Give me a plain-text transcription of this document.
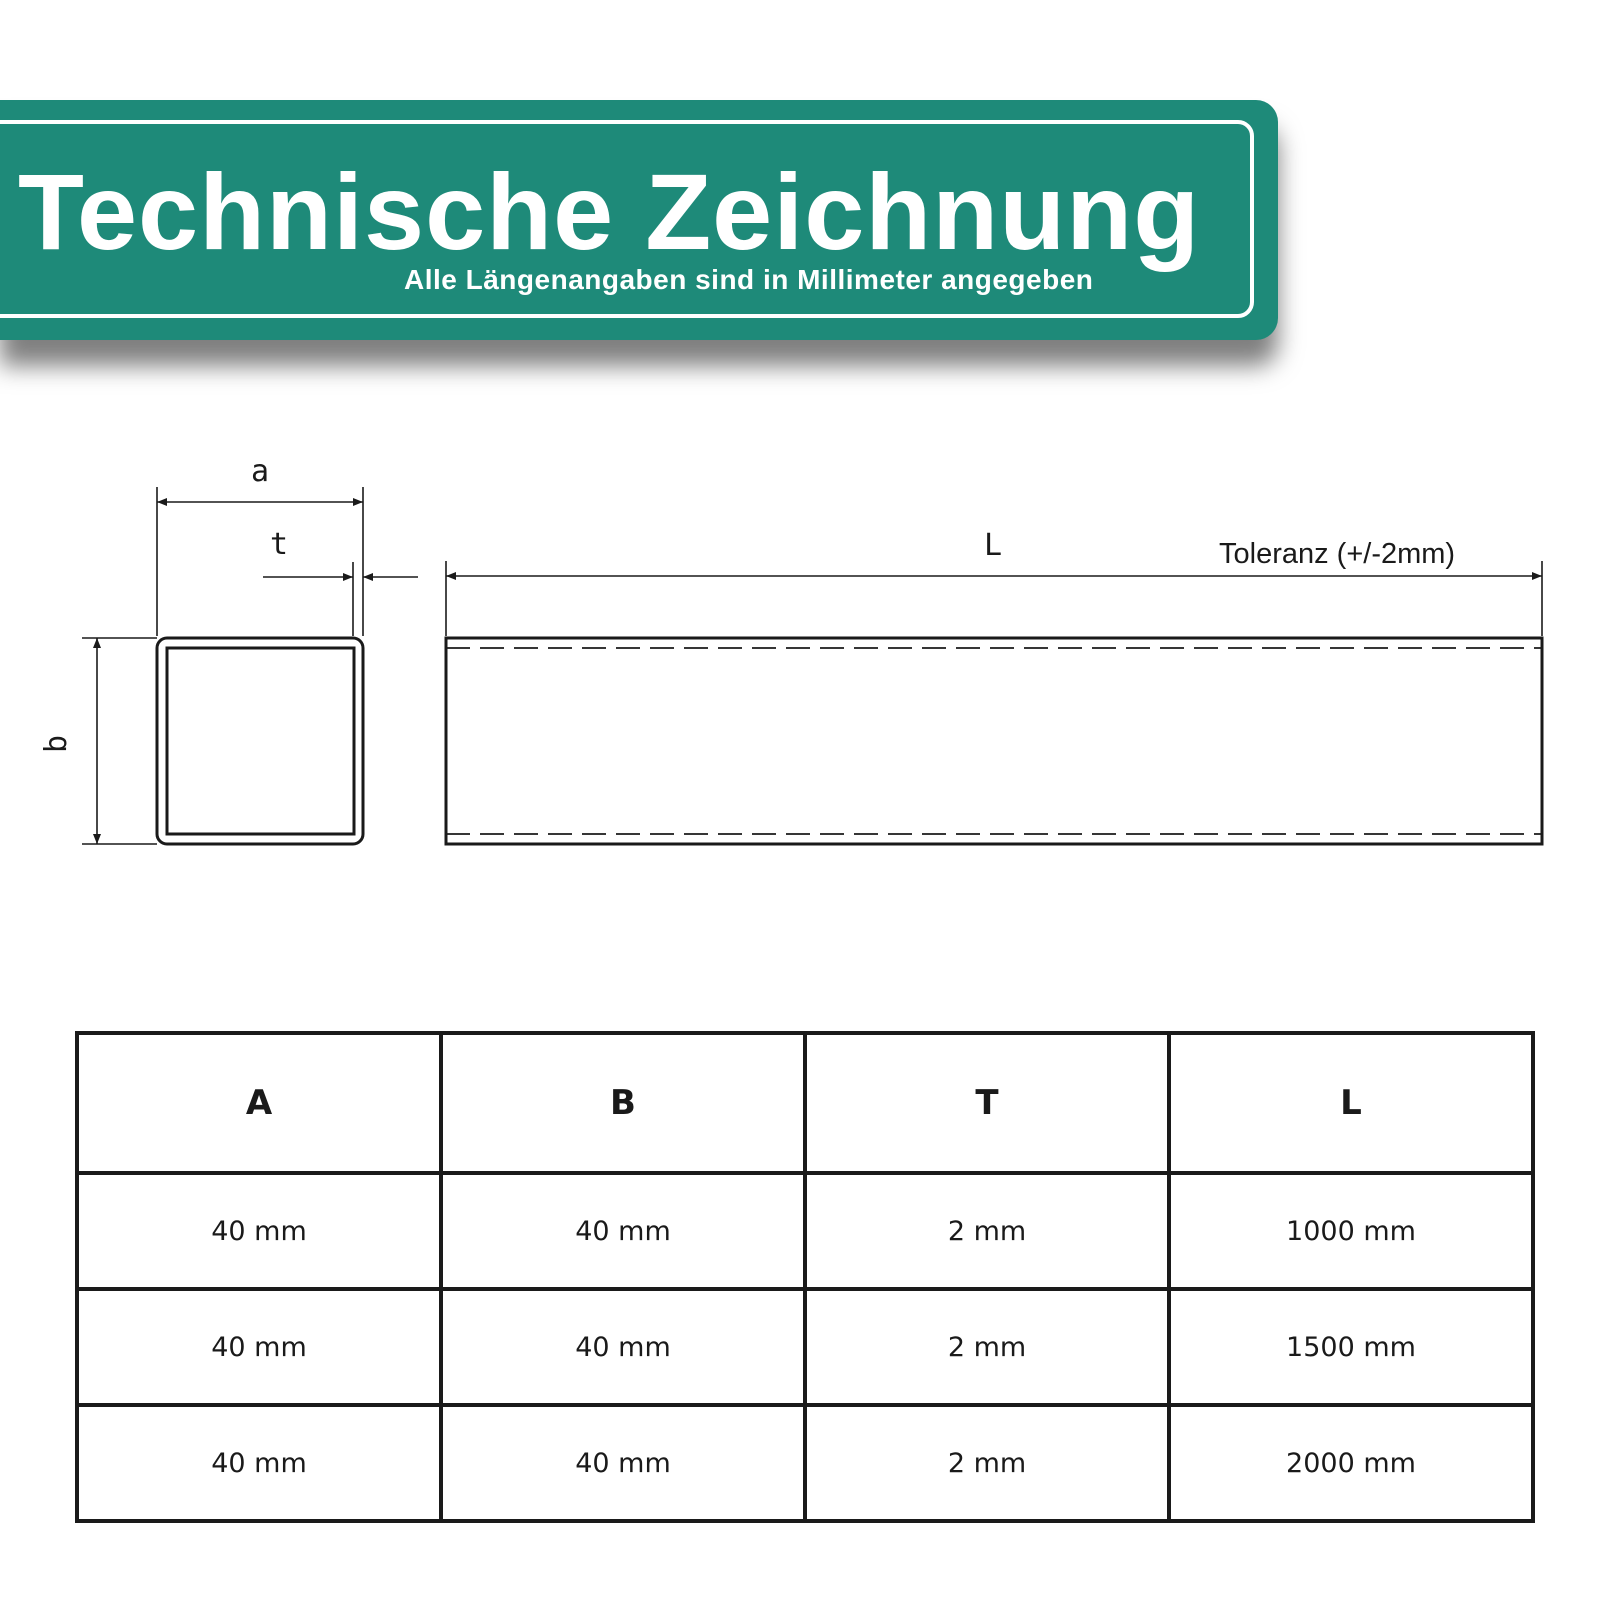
Technische Zeichnung
Alle Längenangaben sind in Millimeter angegeben
a
t
b
L	Toleranz (+/-2mm)
A	B	T	L
40 mm	40 mm	2 mm	1000 mm
40 mm	40 mm	2 mm	1500 mm
40 mm	40 mm	2 mm	2000 mm
